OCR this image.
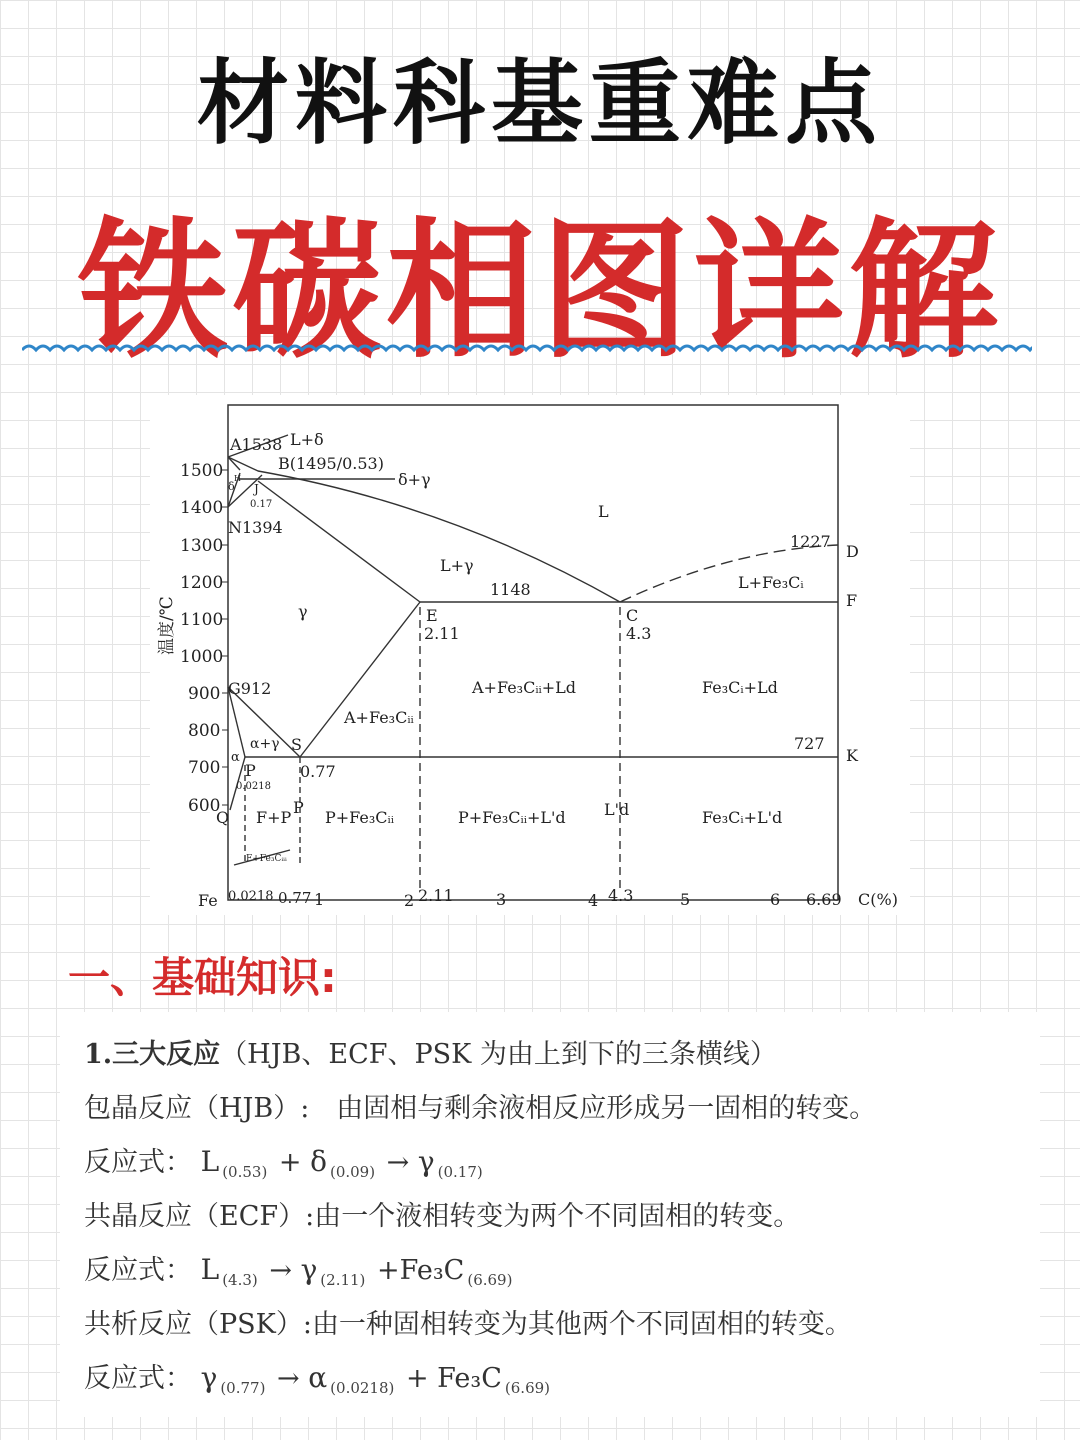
材料科基重难点
铁碳相图详解
温度/℃
1500
1400
1300
1200
1100
1000
900
800
700
600
A1538 L+δ
B(1495/0.53)
δ+γ
H
δ J
0.17
N1394
L
1227
D
L+γ
1148	L+Fe₃Cᵢ
F
γ	E
2.11
C
4.3
A+Fe₃Cᵢᵢ+Ld	Fe₃Cᵢ+Ld
G912
A+Fe₃Cᵢᵢ
α+γ S	727
K
α
P	0.77
0.0218
Q F+P
P
P+Fe₃Cᵢᵢ	P+Fe₃Cᵢᵢ+L'd L'd	Fe₃Cᵢ+L'd
F+Fe₃Cᵢᵢᵢ
Fe 0.0218 0.77 1	2 2.11	3	4 4.3	5	6 6.69 C(%)
一、基础知识:
1.三大反应（HJB、ECF、PSK 为由上到下的三条横线）
包晶反应（HJB）:　由固相与剩余液相反应形成另一固相的转变。
反应式： L $_{(0.53)}$ + δ $_{(0.09)}$ → γ $_{(0.17)}$
共晶反应（ECF）:由一个液相转变为两个不同固相的转变。
反应式： L $_{(4.3)}$ → γ $_{(2.11)}$ +Fe₃C $_{(6.69)}$
共析反应（PSK）:由一种固相转变为其他两个不同固相的转变。
反应式： γ $_{(0.77)}$ → α $_{(0.0218)}$ + Fe₃C $_{(6.69)}$
